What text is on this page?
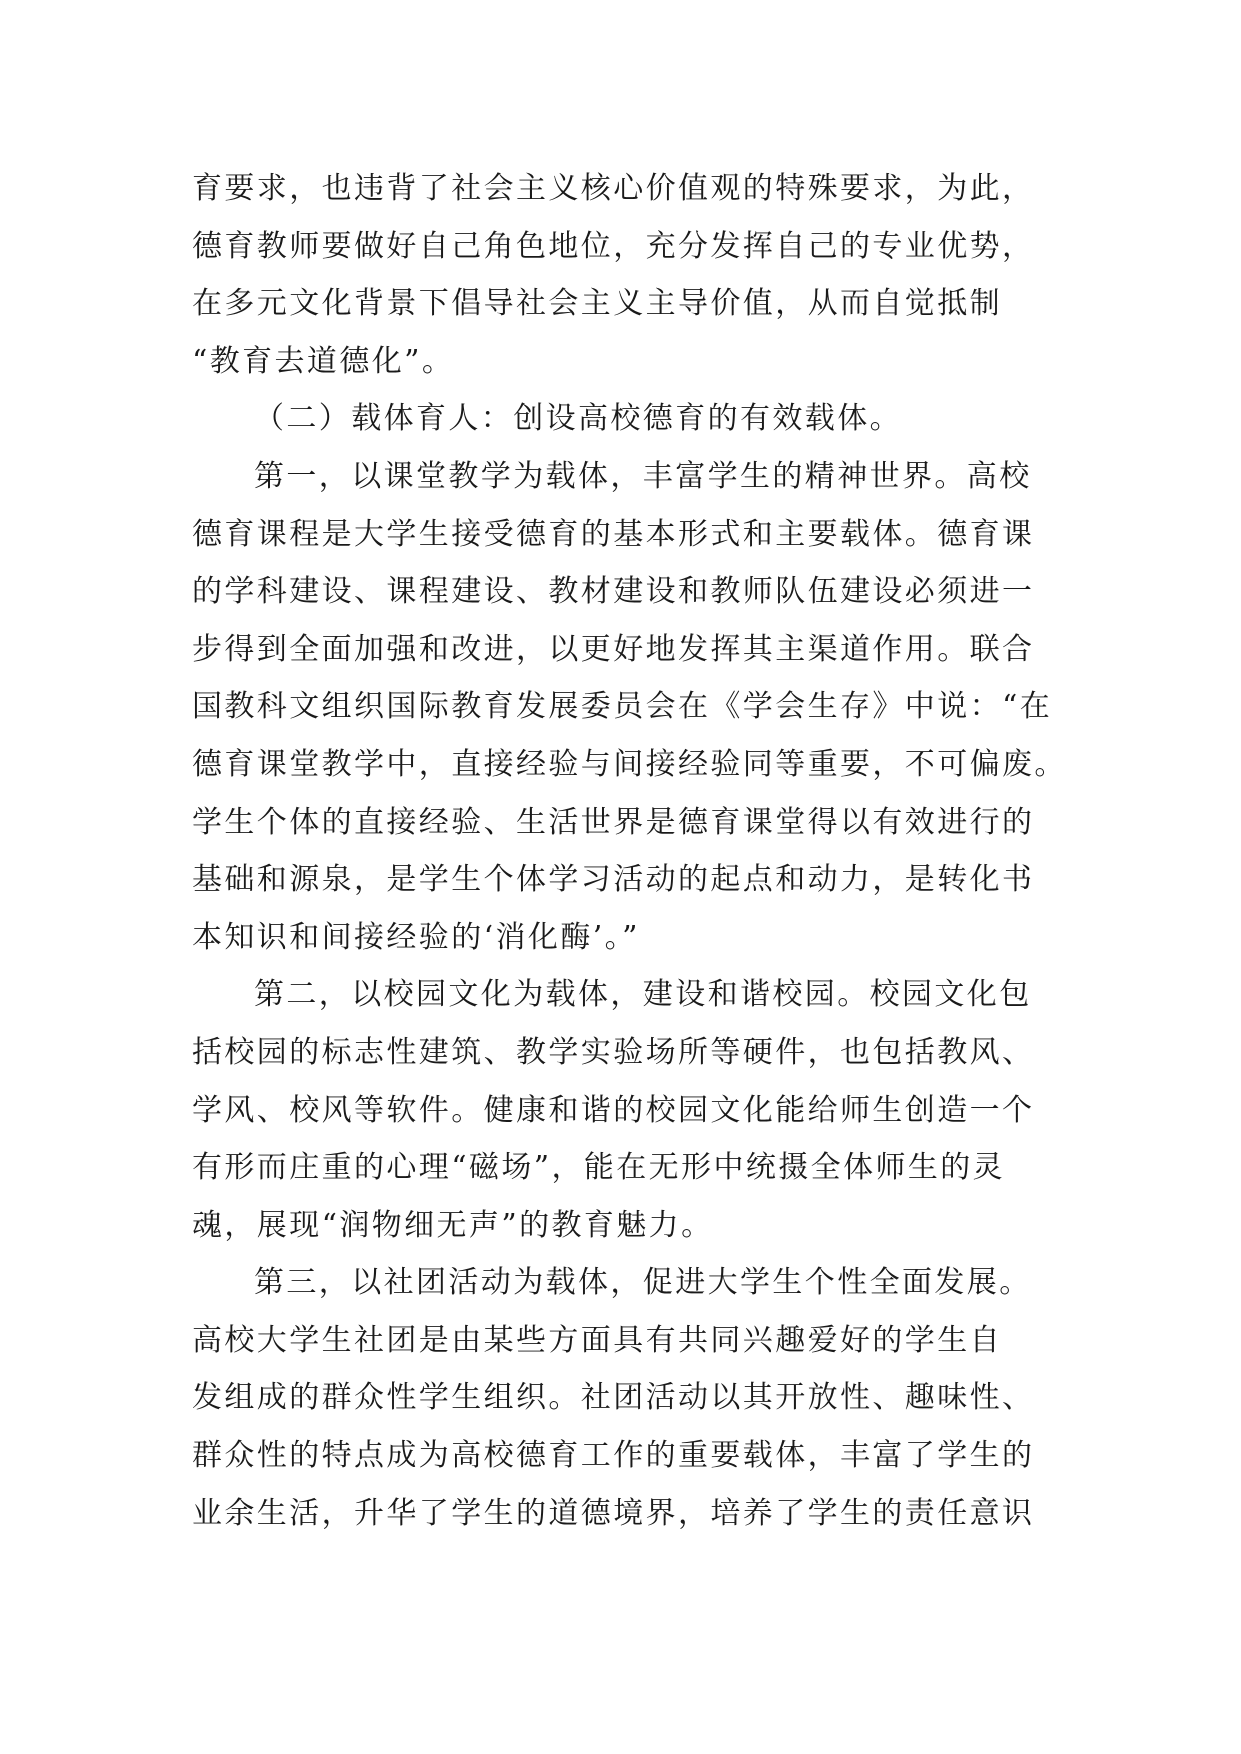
育要求，也违背了社会主义核心价值观的特殊要求，为此，
德育教师要做好自己角色地位，充分发挥自己的专业优势，
在多元文化背景下倡导社会主义主导价值，从而自觉抵制
“教育去道德化”。
（二）载体育人：创设高校德育的有效载体。
第一，以课堂教学为载体，丰富学生的精神世界。高校
德育课程是大学生接受德育的基本形式和主要载体。德育课
的学科建设、课程建设、教材建设和教师队伍建设必须进一
步得到全面加强和改进，以更好地发挥其主渠道作用。联合
国教科文组织国际教育发展委员会在《学会生存》中说：“在
德育课堂教学中，直接经验与间接经验同等重要，不可偏废。
学生个体的直接经验、生活世界是德育课堂得以有效进行的
基础和源泉，是学生个体学习活动的起点和动力，是转化书
本知识和间接经验的‘消化酶’。”
第二，以校园文化为载体，建设和谐校园。校园文化包
括校园的标志性建筑、教学实验场所等硬件，也包括教风、
学风、校风等软件。健康和谐的校园文化能给师生创造一个
有形而庄重的心理“磁场”，能在无形中统摄全体师生的灵
魂，展现“润物细无声”的教育魅力。
第三，以社团活动为载体，促进大学生个性全面发展。
高校大学生社团是由某些方面具有共同兴趣爱好的学生自
发组成的群众性学生组织。社团活动以其开放性、趣味性、
群众性的特点成为高校德育工作的重要载体，丰富了学生的
业余生活，升华了学生的道德境界，培养了学生的责任意识
